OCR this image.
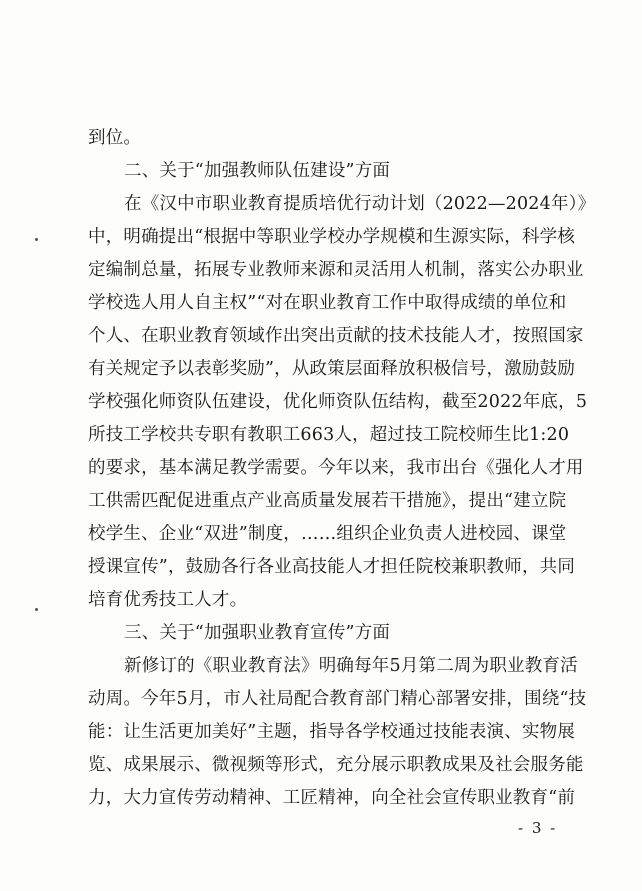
到位。
二、关于“加强教师队伍建设”方面
在《汉中市职业教育提质培优行动计划（2022—2024年）》
中，明确提出“根据中等职业学校办学规模和生源实际，科学核
定编制总量，拓展专业教师来源和灵活用人机制，落实公办职业
学校选人用人自主权”“对在职业教育工作中取得成绩的单位和
个人、在职业教育领域作出突出贡献的技术技能人才，按照国家
有关规定予以表彰奖励”，从政策层面释放积极信号，激励鼓励
学校强化师资队伍建设，优化师资队伍结构，截至2022年底，5
所技工学校共专职有教职工663人，超过技工院校师生比1:20
的要求，基本满足教学需要。今年以来，我市出台《强化人才用
工供需匹配促进重点产业高质量发展若干措施》，提出“建立院
校学生、企业“双进”制度，……组织企业负责人进校园、课堂
授课宣传”，鼓励各行各业高技能人才担任院校兼职教师，共同
培育优秀技工人才。
三、关于“加强职业教育宣传”方面
新修订的《职业教育法》明确每年5月第二周为职业教育活
动周。今年5月，市人社局配合教育部门精心部署安排，围绕“技
能：让生活更加美好”主题，指导各学校通过技能表演、实物展
览、成果展示、微视频等形式，充分展示职教成果及社会服务能
力，大力宣传劳动精神、工匠精神，向全社会宣传职业教育“前
- 3 -
